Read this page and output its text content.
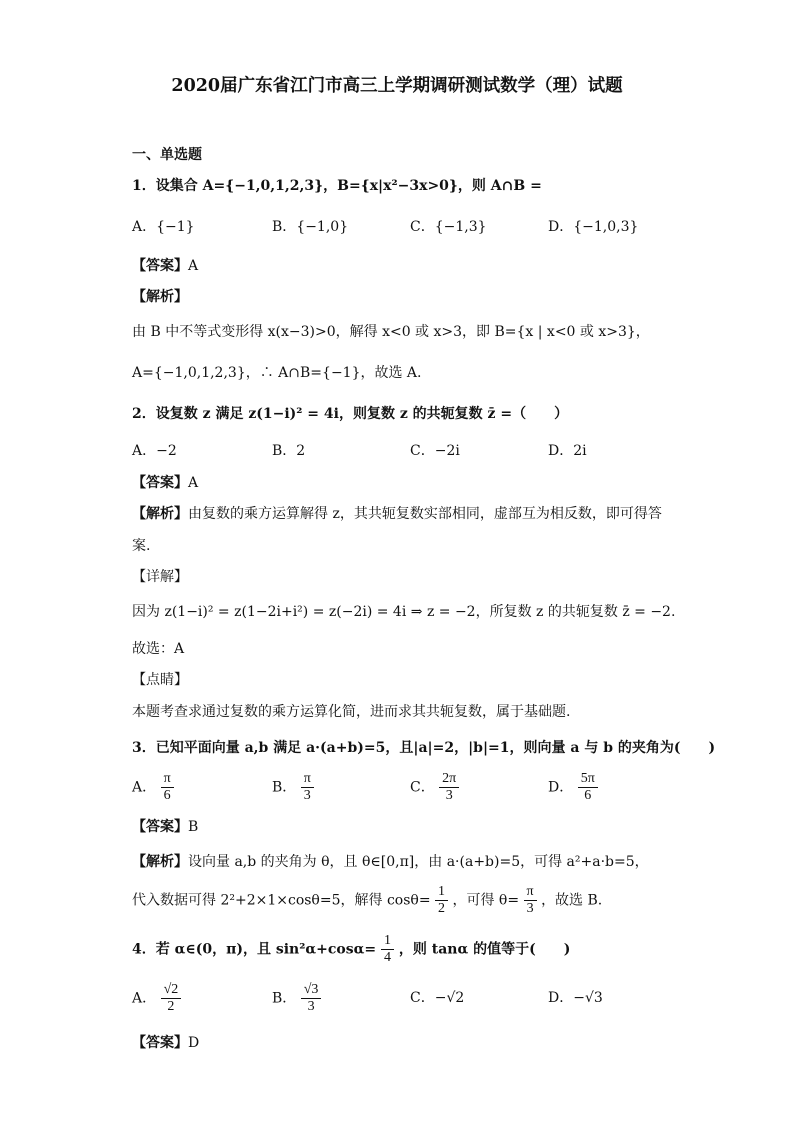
2020届广东省江门市高三上学期调研测试数学（理）试题
一、单选题
1．设集合 A={−1,0,1,2,3}，B={x|x²−3x>0}，则 A∩B =
A．{−1}	B．{−1,0}	C．{−1,3}	D．{−1,0,3}
【答案】A
【解析】
由 B 中不等式变形得 x(x−3)>0，解得 x<0 或 x>3，即 B={x | x<0 或 x>3}，
A={−1,0,1,2,3}，∴ A∩B={−1}，故选 A.
2．设复数 z 满足 z(1−i)² = 4i，则复数 z 的共轭复数 z̄ =（　　）
A．−2	B．2	C．−2i	D．2i
【答案】A
【解析】由复数的乘方运算解得 z，其共轭复数实部相同，虚部互为相反数，即可得答
案.
【详解】
因为 z(1−i)² = z(1−2i+i²) = z(−2i) = 4i ⇒ z = −2，所复数 z 的共轭复数 z̄ = −2.
故选：A
【点睛】
本题考查求通过复数的乘方运算化简，进而求其共轭复数，属于基础题.
3．已知平面向量 a,b 满足 a·(a+b)=5，且|a|=2，|b|=1，则向量 a 与 b 的夹角为(　　)
A． $\frac{\pi}{6}$	B． $\frac{\pi}{3}$	C． $\frac{2\pi}{3}$	D． $\frac{5\pi}{6}$
【答案】B
【解析】设向量 a,b 的夹角为 θ，且 θ∈[0,π]，由 a·(a+b)=5，可得 a²+a·b=5，
代入数据可得 2²+2×1×cosθ=5，解得 $\cos\theta= \frac{1}{2}$ ，可得 $\theta= \frac{\pi}{3}$ ，故选 B.
4．若 α∈(0，π)，且 $\sin^2\alpha+\cos\alpha= \frac{1}{4}$ ，则 tanα 的值等于(　　)
A． $\frac{√2}{2}$	B． $\frac{√3}{3}$	C．−√2	D．−√3
【答案】D
